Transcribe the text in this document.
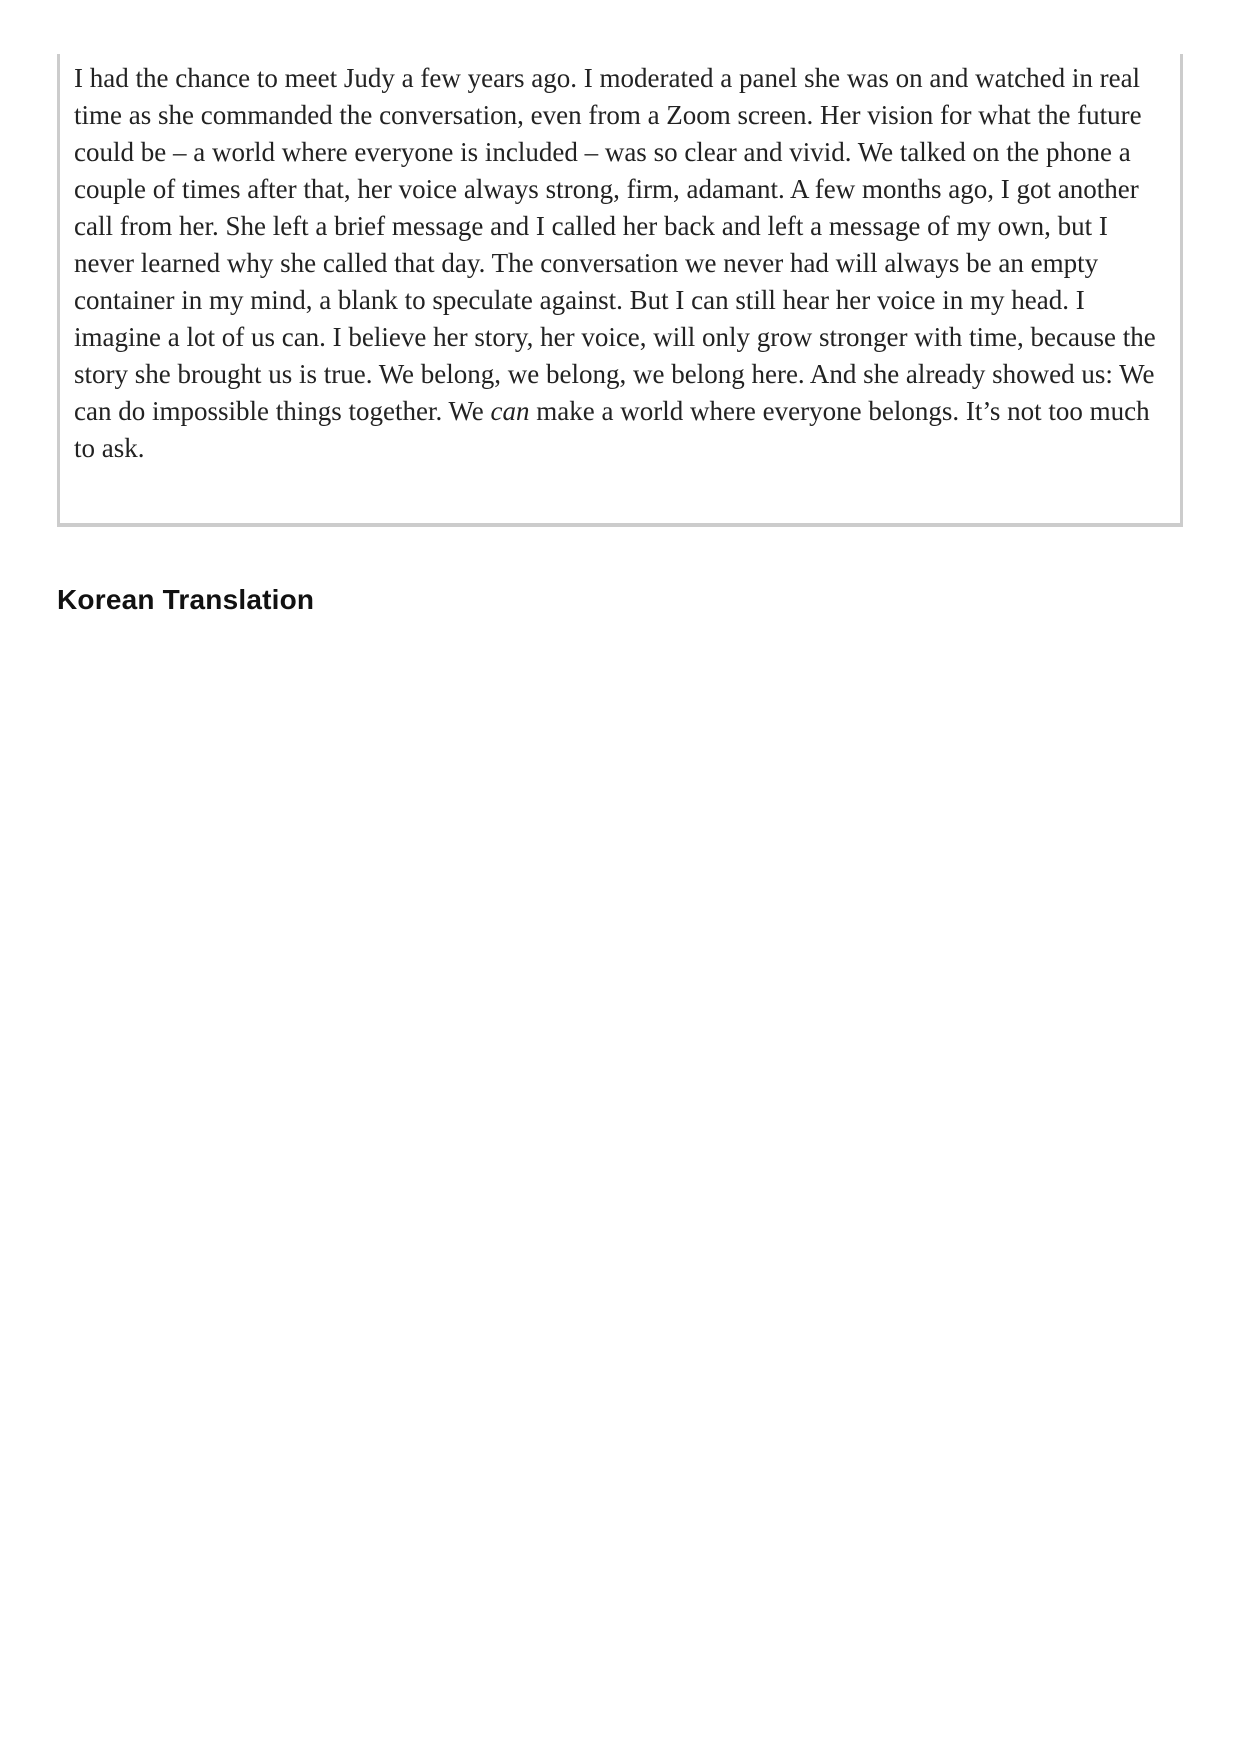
I had the chance to meet Judy a few years ago. I moderated a panel she was on and watched in real time as she commanded the conversation, even from a Zoom screen. Her vision for what the future could be – a world where everyone is included – was so clear and vivid. We talked on the phone a couple of times after that, her voice always strong, firm, adamant. A few months ago, I got another call from her. She left a brief message and I called her back and left a message of my own, but I never learned why she called that day. The conversation we never had will always be an empty container in my mind, a blank to speculate against. But I can still hear her voice in my head. I imagine a lot of us can. I believe her story, her voice, will only grow stronger with time, because the story she brought us is true. We belong, we belong, we belong here. And she already showed us: We can do impossible things together. We can make a world where everyone belongs. It’s not too much to ask.

Korean Translation
